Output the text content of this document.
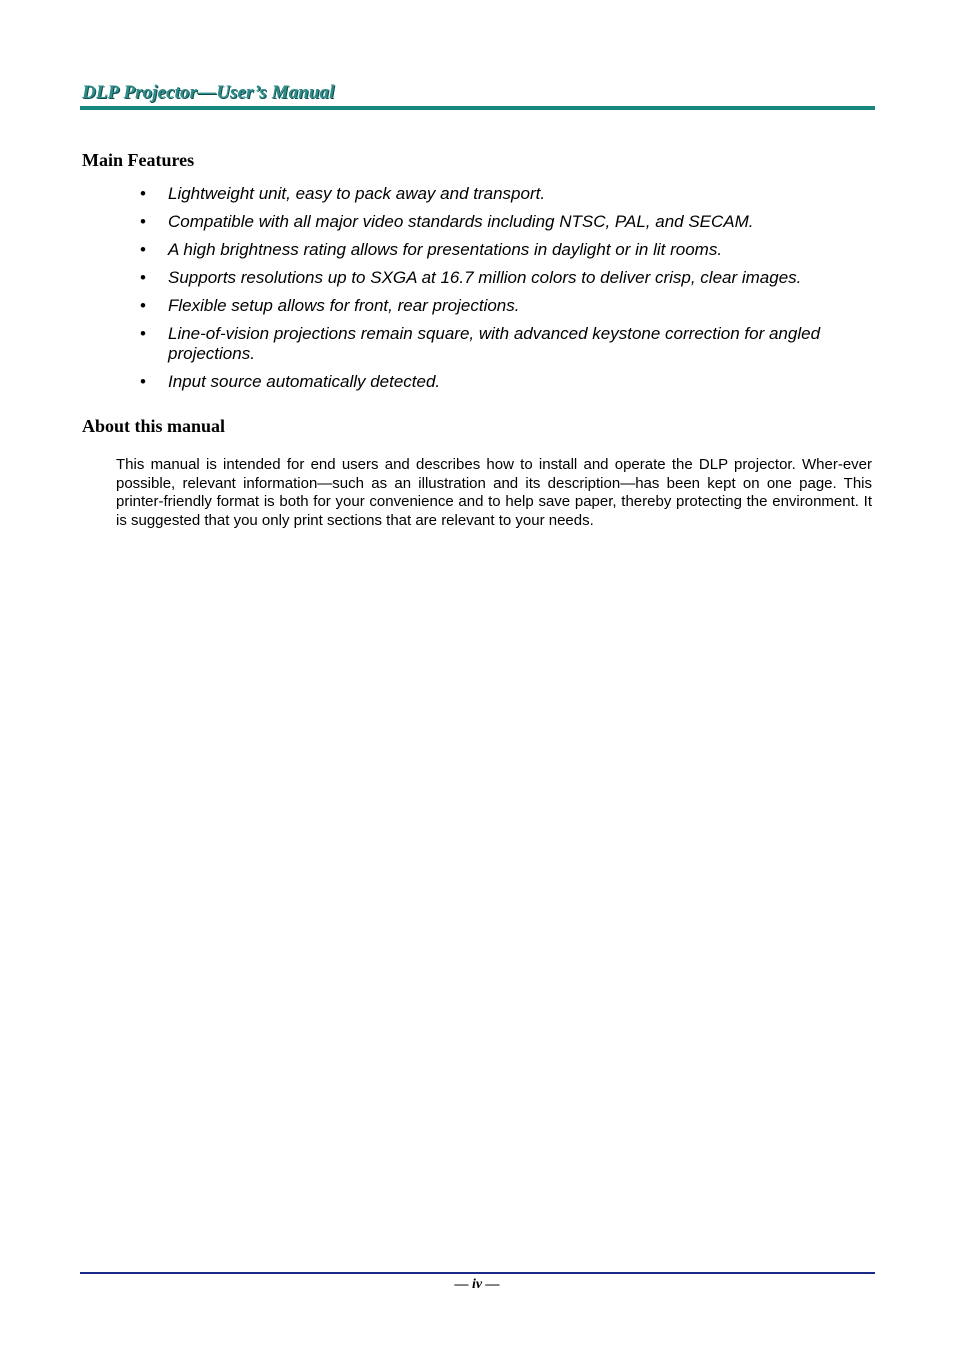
DLP Projector—User’s Manual
Main Features
• Lightweight unit, easy to pack away and transport.
• Compatible with all major video standards including NTSC, PAL, and SECAM.
• A high brightness rating allows for presentations in daylight or in lit rooms.
• Supports resolutions up to SXGA at 16.7 million colors to deliver crisp, clear images.
• Flexible setup allows for front, rear projections.
• Line-of-vision projections remain square, with advanced keystone correction for angled projections.
• Input source automatically detected.
About this manual

This manual is intended for end users and describes how to install and operate the DLP projector. Wher-ever possible, relevant information—such as an illustration and its description—has been kept on one page. This printer-friendly format is both for your convenience and to help save paper, thereby protecting the environment. It is suggested that you only print sections that are relevant to your needs.

— iv —
